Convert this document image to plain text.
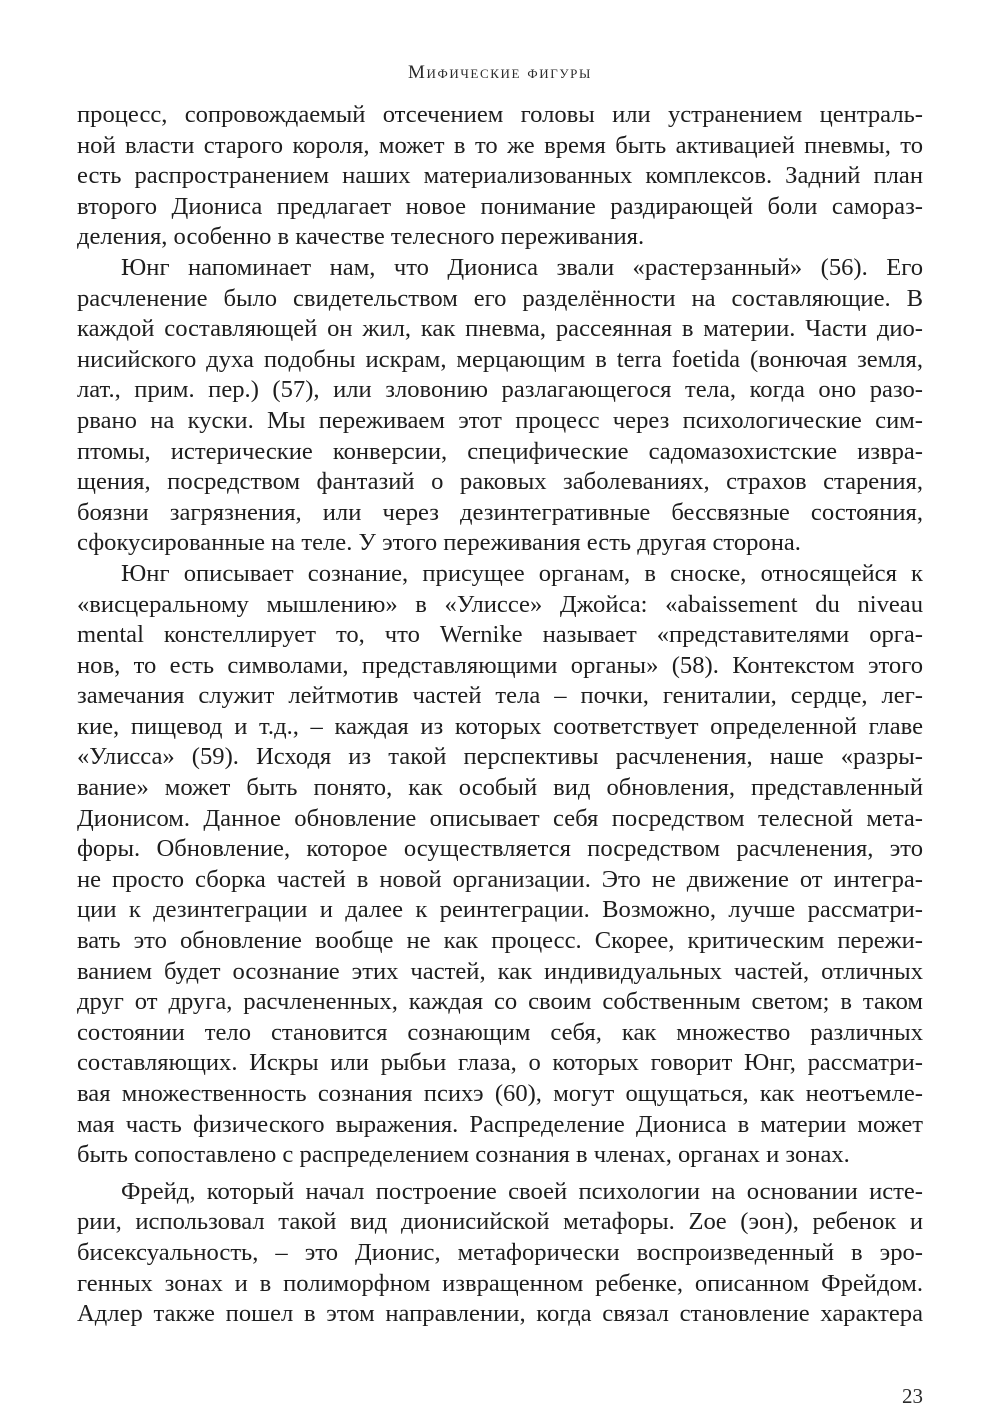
Мифические фигуры
процесс, сопровождаемый отсечением головы или устранением централь-
ной власти старого короля, может в то же время быть активацией пневмы, то
есть распространением наших материализованных комплексов. Задний план
второго Диониса предлагает новое понимание раздирающей боли самораз-
деления, особенно в качестве телесного переживания.
Юнг напоминает нам, что Диониса звали «растерзанный» (56). Его
расчленение было свидетельством его разделённости на составляющие. В
каждой составляющей он жил, как пневма, рассеянная в материи. Части дио-
нисийского духа подобны искрам, мерцающим в terra foetida (вонючая земля,
лат., прим. пер.) (57), или зловонию разлагающегося тела, когда оно разо-
рвано на куски. Мы переживаем этот процесс через психологические сим-
птомы, истерические конверсии, специфические садомазохистские извра-
щения, посредством фантазий о раковых заболеваниях, страхов старения,
боязни загрязнения, или через дезинтегративные бессвязные состояния,
сфокусированные на теле. У этого переживания есть другая сторона.
Юнг описывает сознание, присущее органам, в сноске, относящейся к
«висцеральному мышлению» в «Улиссе» Джойса: «abaissement du niveau
mental констеллирует то, что Wernike называет «представителями орга-
нов, то есть символами, представляющими органы» (58). Контекстом этого
замечания служит лейтмотив частей тела – почки, гениталии, сердце, лег-
кие, пищевод и т.д., – каждая из которых соответствует определенной главе
«Улисса» (59). Исходя из такой перспективы расчленения, наше «разры-
вание» может быть понято, как особый вид обновления, представленный
Дионисом. Данное обновление описывает себя посредством телесной мета-
форы. Обновление, которое осуществляется посредством расчленения, это
не просто сборка частей в новой организации. Это не движение от интегра-
ции к дезинтеграции и далее к реинтеграции. Возможно, лучше рассматри-
вать это обновление вообще не как процесс. Скорее, критическим пережи-
ванием будет осознание этих частей, как индивидуальных частей, отличных
друг от друга, расчлененных, каждая со своим собственным светом; в таком
состоянии тело становится сознающим себя, как множество различных
составляющих. Искры или рыбьи глаза, о которых говорит Юнг, рассматри-
вая множественность сознания психэ (60), могут ощущаться, как неотъемле-
мая часть физического выражения. Распределение Диониса в материи может
быть сопоставлено с распределением сознания в членах, органах и зонах.
Фрейд, который начал построение своей психологии на основании исте-
рии, использовал такой вид дионисийской метафоры. Zoe (эон), ребенок и
бисексуальность, – это Дионис, метафорически воспроизведенный в эро-
генных зонах и в полиморфном извращенном ребенке, описанном Фрейдом.
Адлер также пошел в этом направлении, когда связал становление характера
23
